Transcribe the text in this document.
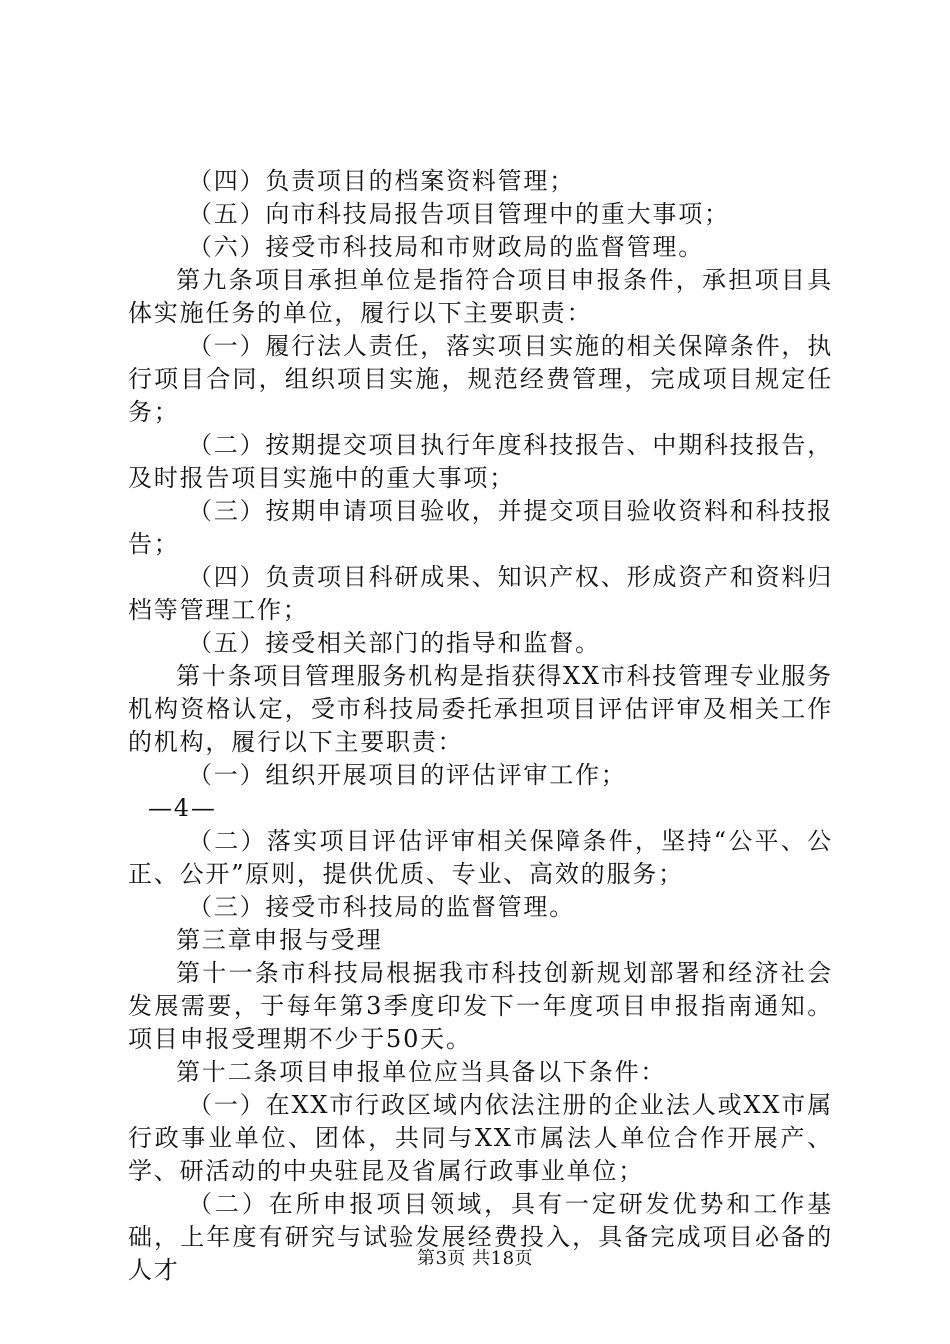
（四）负责项目的档案资料管理；

（五）向市科技局报告项目管理中的重大事项；

（六）接受市科技局和市财政局的监督管理。

第九条项目承担单位是指符合项目申报条件，承担项目具体实施任务的单位，履行以下主要职责：

（一）履行法人责任，落实项目实施的相关保障条件，执行项目合同，组织项目实施，规范经费管理，完成项目规定任务；

（二）按期提交项目执行年度科技报告、中期科技报告，及时报告项目实施中的重大事项；

（三）按期申请项目验收，并提交项目验收资料和科技报告；

（四）负责项目科研成果、知识产权、形成资产和资料归档等管理工作；

（五）接受相关部门的指导和监督。

第十条项目管理服务机构是指获得XX市科技管理专业服务机构资格认定，受市科技局委托承担项目评估评审及相关工作的机构，履行以下主要职责：

（一）组织开展项目的评估评审工作；

—4—

（二）落实项目评估评审相关保障条件，坚持“公平、公正、公开”原则，提供优质、专业、高效的服务；

（三）接受市科技局的监督管理。

第三章申报与受理

第十一条市科技局根据我市科技创新规划部署和经济社会发展需要，于每年第3季度印发下一年度项目申报指南通知。项目申报受理期不少于50天。

第十二条项目申报单位应当具备以下条件：

（一）在XX市行政区域内依法注册的企业法人或XX市属行政事业单位、团体，共同与XX市属法人单位合作开展产、学、研活动的中央驻昆及省属行政事业单位；

（二）在所申报项目领域，具有一定研发优势和工作基础，上年度有研究与试验发展经费投入，具备完成项目必备的人才	第3页 共18页
